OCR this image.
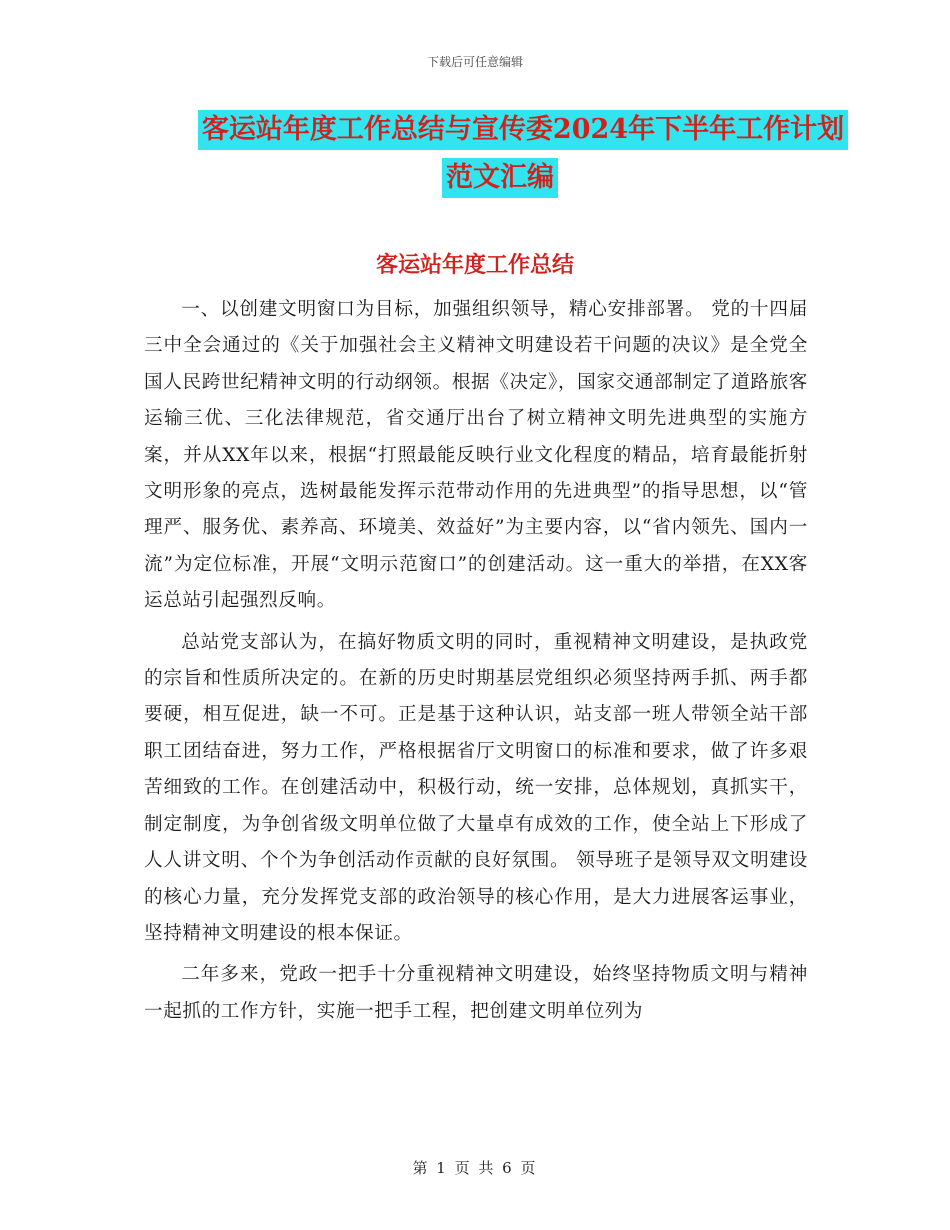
下载后可任意编辑
客运站年度工作总结与宣传委2024年下半年工作计划
范文汇编
客运站年度工作总结

一、以创建文明窗口为目标，加强组织领导，精心安排部署。 党的十四届三中全会通过的《关于加强社会主义精神文明建设若干问题的决议》是全党全国人民跨世纪精神文明的行动纲领。根据《决定》，国家交通部制定了道路旅客运输三优、三化法律规范，省交通厅出台了树立精神文明先进典型的实施方案，并从XX年以来，根据“打照最能反映行业文化程度的精品，培育最能折射文明形象的亮点，选树最能发挥示范带动作用的先进典型”的指导思想，以“管理严、服务优、素养高、环境美、效益好”为主要内容，以“省内领先、国内一流”为定位标准，开展“文明示范窗口”的创建活动。这一重大的举措，在XX客运总站引起强烈反响。

总站党支部认为，在搞好物质文明的同时，重视精神文明建设，是执政党的宗旨和性质所决定的。在新的历史时期基层党组织必须坚持两手抓、两手都要硬，相互促进，缺一不可。正是基于这种认识，站支部一班人带领全站干部职工团结奋进，努力工作，严格根据省厅文明窗口的标准和要求，做了许多艰苦细致的工作。在创建活动中，积极行动，统一安排，总体规划，真抓实干，制定制度，为争创省级文明单位做了大量卓有成效的工作，使全站上下形成了人人讲文明、个个为争创活动作贡献的良好氛围。 领导班子是领导双文明建设的核心力量，充分发挥党支部的政治领导的核心作用，是大力进展客运事业，坚持精神文明建设的根本保证。

二年多来，党政一把手十分重视精神文明建设，始终坚持物质文明与精神一起抓的工作方针，实施一把手工程，把创建文明单位列为

第 1 页 共 6 页
